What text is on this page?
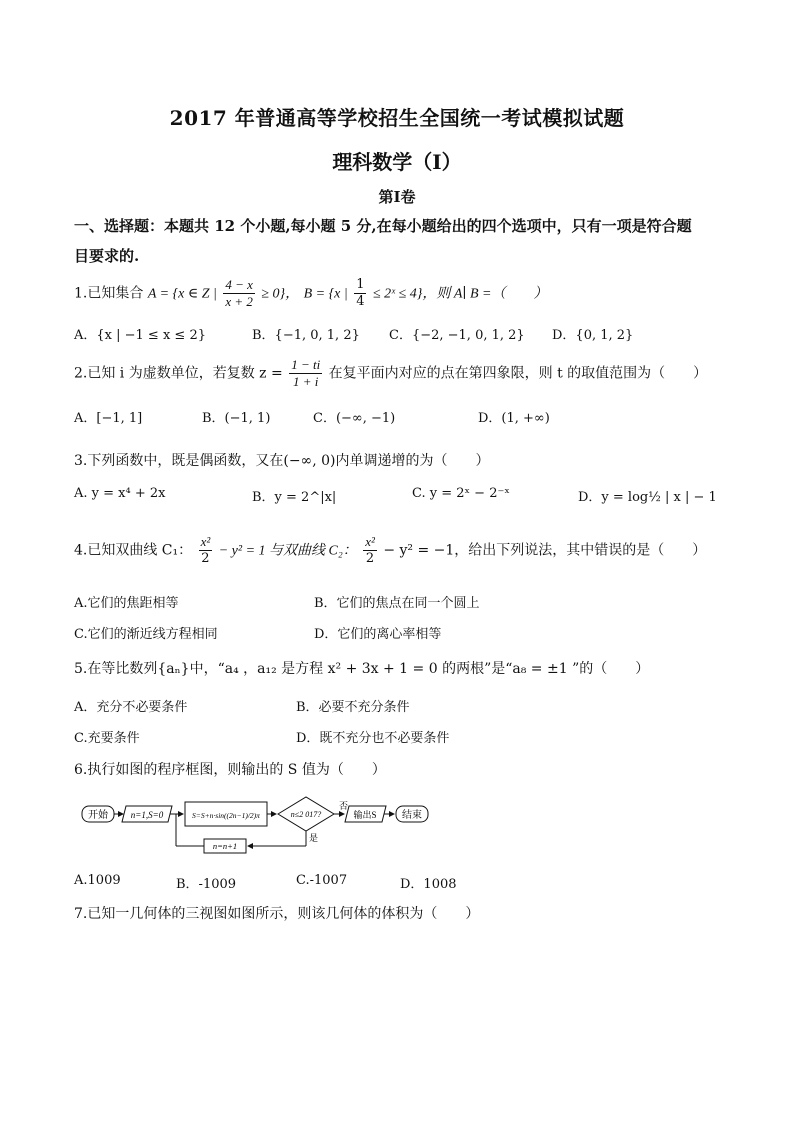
2017 年普通高等学校招生全国统一考试模拟试题
理科数学（Ⅰ）
第Ⅰ卷
一、选择题：本题共 12 个小题,每小题 5 分,在每小题给出的四个选项中，只有一项是符合题
目要求的.
1.已知集合 A = {x ∈ Z | $\frac{4 - x}{x + 2} \ge 0$}， B = {x | $\frac{1}{4}$ ≤ 2ˣ ≤ 4}，则 A∣ B =（　　）
A．{x | −1 ≤ x ≤ 2}	B．{−1, 0, 1, 2} C．{−2, −1, 0, 1, 2} D．{0, 1, 2}
2.已知 i 为虚数单位，若复数 $z = \frac{1 - ti}{1 + i}$ 在复平面内对应的点在第四象限，则 t 的取值范围为（　　）
A．[−1, 1]	B．(−1, 1)	C．(−∞, −1)	D．(1, +∞)
3.下列函数中，既是偶函数，又在(−∞, 0)内单调递增的为（　　）
A. y = x⁴ + 2x	B．y = 2^|x|	C. y = 2ˣ − 2⁻ˣ	D．y = log½ | x | − 1
4.已知双曲线 C₁： $\frac{\text{x²}}{2} - y^2 = 1$ 与双曲线 C₂： $\frac{\text{x²}}{2} - y^2 = -1$，给出下列说法，其中错误的是（　　）
A.它们的焦距相等	B．它们的焦点在同一个圆上
C.它们的渐近线方程相同	D．它们的离心率相等
5.在等比数列{aₙ}中，“a₄ ，a₁₂ 是方程 x² + 3x + 1 = 0 的两根”是“a₈ = ±1 ”的（　　）
A．充分不必要条件	B．必要不充分条件
C.充要条件	D．既不充分也不必要条件
6.执行如图的程序框图，则输出的 S 值为（　　）
开始	n=1,S=0	S=S+n·sin((2n−1)/2)π	n≤2 017?
否
输出S	结束
是
n=n+1
A.1009	B．-1009	C.-1007	D．1008
7.已知一几何体的三视图如图所示，则该几何体的体积为（　　）
